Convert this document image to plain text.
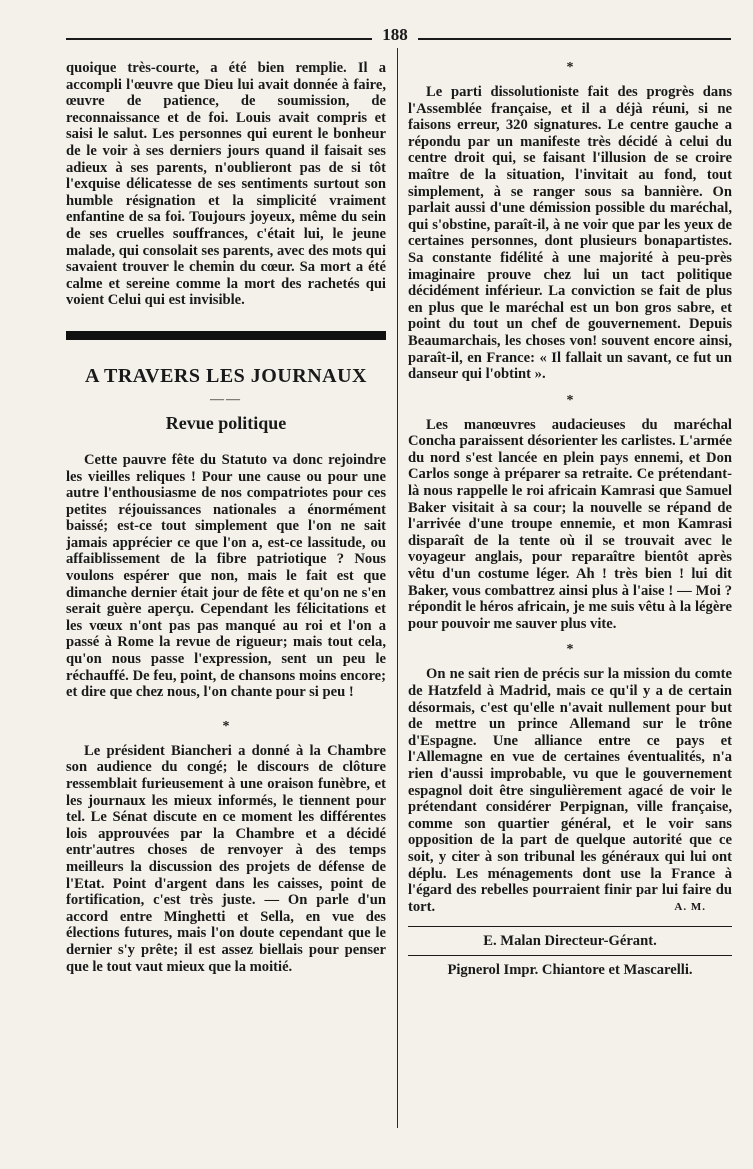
188

quoique très-courte, a été bien remplie. Il a accompli l'œuvre que Dieu lui avait donnée à faire, œuvre de patience, de soumission, de reconnaissance et de foi. Louis avait compris et saisi le salut. Les personnes qui eurent le bonheur de le voir à ses derniers jours quand il faisait ses adieux à ses parents, n'oublieront pas de si tôt l'exquise délicatesse de ses sentiments surtout son humble résignation et la simplicité vraiment enfantine de sa foi. Toujours joyeux, même du sein de ses cruelles souffrances, c'était lui, le jeune malade, qui consolait ses parents, avec des mots qui savaient trouver le chemin du cœur. Sa mort a été calme et sereine comme la mort des rachetés qui voient Celui qui est invisible.

A TRAVERS LES JOURNAUX
——
Revue politique

Cette pauvre fête du Statuto va donc rejoindre les vieilles reliques ! Pour une cause ou pour une autre l'enthousiasme de nos compatriotes pour ces petites réjouissances nationales a énormément baissé; est-ce tout simplement que l'on ne sait jamais apprécier ce que l'on a, est-ce lassitude, ou affaiblissement de la fibre patriotique ? Nous voulons espérer que non, mais le fait est que dimanche dernier était jour de fête et qu'on ne s'en serait guère aperçu. Cependant les félicitations et les vœux n'ont pas pas manqué au roi et l'on a passé à Rome la revue de rigueur; mais tout cela, qu'on nous passe l'expression, sent un peu le réchauffé. De feu, point, de chansons moins encore; et dire que chez nous, l'on chante pour si peu !

*

Le président Biancheri a donné à la Chambre son audience du congé; le discours de clôture ressemblait furieusement à une oraison funèbre, et les journaux les mieux informés, le tiennent pour tel. Le Sénat discute en ce moment les différentes lois approuvées par la Chambre et a décidé entr'autres choses de renvoyer à des temps meilleurs la discussion des projets de défense de l'Etat. Point d'argent dans les caisses, point de fortification, c'est très juste. — On parle d'un accord entre Minghetti et Sella, en vue des élections futures, mais l'on doute cependant que le dernier s'y prête; il est assez biellais pour penser que le tout vaut mieux que la moitié.

*

Le parti dissolutioniste fait des progrès dans l'Assemblée française, et il a déjà réuni, si ne faisons erreur, 320 signatures. Le centre gauche a répondu par un manifeste très décidé à celui du centre droit qui, se faisant l'illusion de se croire maître de la situation, l'invitait au fond, tout simplement, à se ranger sous sa bannière. On parlait aussi d'une démission possible du maréchal, qui s'obstine, paraît-il, à ne voir que par les yeux de certaines personnes, dont plusieurs bonapartistes. Sa constante fidélité à une majorité à peu-près imaginaire prouve chez lui un tact politique décidément inférieur. La conviction se fait de plus en plus que le maréchal est un bon gros sabre, et point du tout un chef de gouvernement. Depuis Beaumarchais, les choses von! souvent encore ainsi, paraît-il, en France: « Il fallait un savant, ce fut un danseur qui l'obtint ».

*

Les manœuvres audacieuses du maréchal Concha paraissent désorienter les carlistes. L'armée du nord s'est lancée en plein pays ennemi, et Don Carlos songe à préparer sa retraite. Ce prétendant-là nous rappelle le roi africain Kamrasi que Samuel Baker visitait à sa cour; la nouvelle se répand de l'arrivée d'une troupe ennemie, et mon Kamrasi disparaît de la tente où il se trouvait avec le voyageur anglais, pour reparaître bientôt après vêtu d'un costume léger. Ah ! très bien ! lui dit Baker, vous combattrez ainsi plus à l'aise ! — Moi ? répondit le héros africain, je me suis vêtu à la légère pour pouvoir me sauver plus vite.

*

On ne sait rien de précis sur la mission du comte de Hatzfeld à Madrid, mais ce qu'il y a de certain désormais, c'est qu'elle n'avait nullement pour but de mettre un prince Allemand sur le trône d'Espagne. Une alliance entre ce pays et l'Allemagne en vue de certaines éventualités, n'a rien d'aussi improbable, vu que le gouvernement espagnol doit être singulièrement agacé de voir le prétendant considérer Perpignan, ville française, comme son quartier général, et le voir sans opposition de la part de quelque autorité que ce soit, y citer à son tribunal les généraux qui lui ont déplu. Les ménagements dont use la France à l'égard des rebelles pourraient finir par lui faire du tort.	A. M.
E. Malan Directeur-Gérant.
Pignerol Impr. Chiantore et Mascarelli.
